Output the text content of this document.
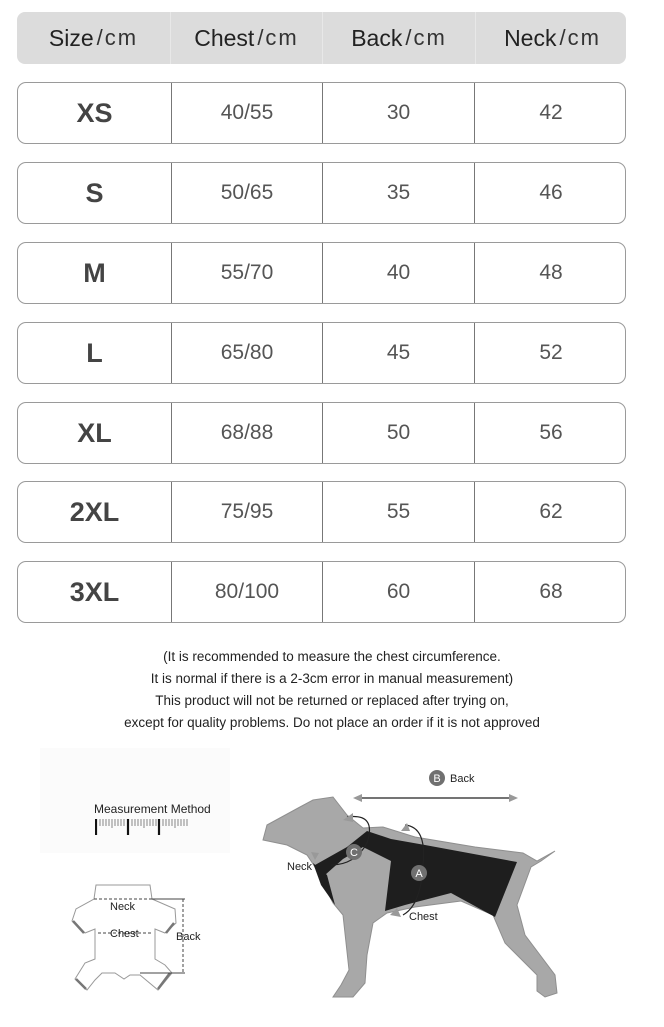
Size /cm Chest /cm Back /cm Neck /cm
XS	40/55	30	42
S	50/65	35	46
M	55/70	40	48
L	65/80	45	52
XL	68/88	50	56
2XL	75/95	55	62
3XL	80/100	60	68
(It is recommended to measure the chest circumference.
It is normal if there is a 2-3cm error in manual measurement)
This product will not be returned or replaced after trying on,
except for quality problems. Do not place an order if it is not approved
Measurement Method
Neck
Chest	Back
B Back
C
Neck
A
Chest
